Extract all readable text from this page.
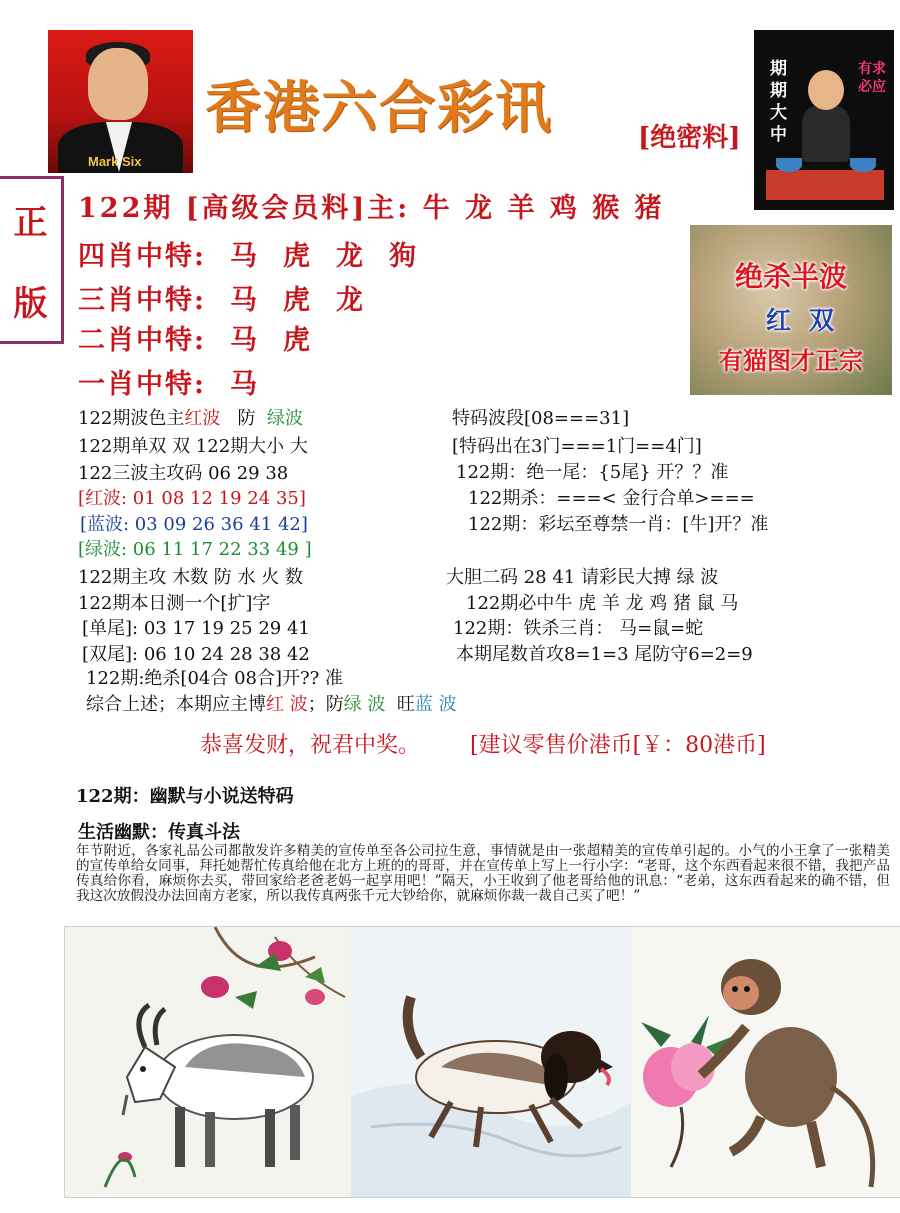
Mark Six
香港六合彩讯	[绝密料]
期期大中
有求必应
正
版
122期 [高级会员料]主: 牛 龙 羊 鸡 猴 猪
四肖中特: 马虎龙狗
三肖中特: 马虎龙
二肖中特: 马虎
一肖中特: 马
绝杀半波
红双
有猫图才正宗
122期波色主红波 防 绿波
122期单双 双 122期大小 大
122三波主攻码 06 29 38
[红波: 01 08 12 19 24 35]
[蓝波: 03 09 26 36 41 42]
[绿波: 06 11 17 22 33 49 ]
122期主攻 木数 防 水 火 数
122期本日测一个[扩]字
[单尾]: 03 17 19 25 29 41
[双尾]: 06 10 24 28 38 42
122期:绝杀[04合 08合]开?? 准
综合上述；本期应主博红 波；防绿 波 旺蓝 波
特码波段[08===31]
[特码出在3门===1门==4门]
122期：绝一尾：{5尾} 开？？准
122期杀：===< 金行合单>===
122期：彩坛至尊禁一肖：[牛]开？准
大胆二码 28 41 请彩民大搏 绿 波
122期必中牛 虎 羊 龙 鸡 猪 鼠 马
122期：铁杀三肖： 马=鼠=蛇
本期尾数首攻8=1=3 尾防守6=2=9
恭喜发财，祝君中奖。 [建议零售价港币[￥：80港币]
122期：幽默与小说送特码
生活幽默：传真斗法
年节附近，各家礼品公司都散发许多精美的宣传单至各公司拉生意，事情就是由一张超精美的宣传单引起的。小气的小王拿了一张精美的宣传单给女同事，拜托她帮忙传真给他在北方上班的的哥哥，并在宣传单上写上一行小字：“老哥，这个东西看起来很不错，我把产品传真给你看，麻烦你去买，带回家给老爸老妈一起享用吧！”隔天，小王收到了他老哥给他的讯息：“老弟，这东西看起来的确不错，但我这次放假没办法回南方老家，所以我传真两张千元大钞给你，就麻烦你裁一裁自己买了吧！”
